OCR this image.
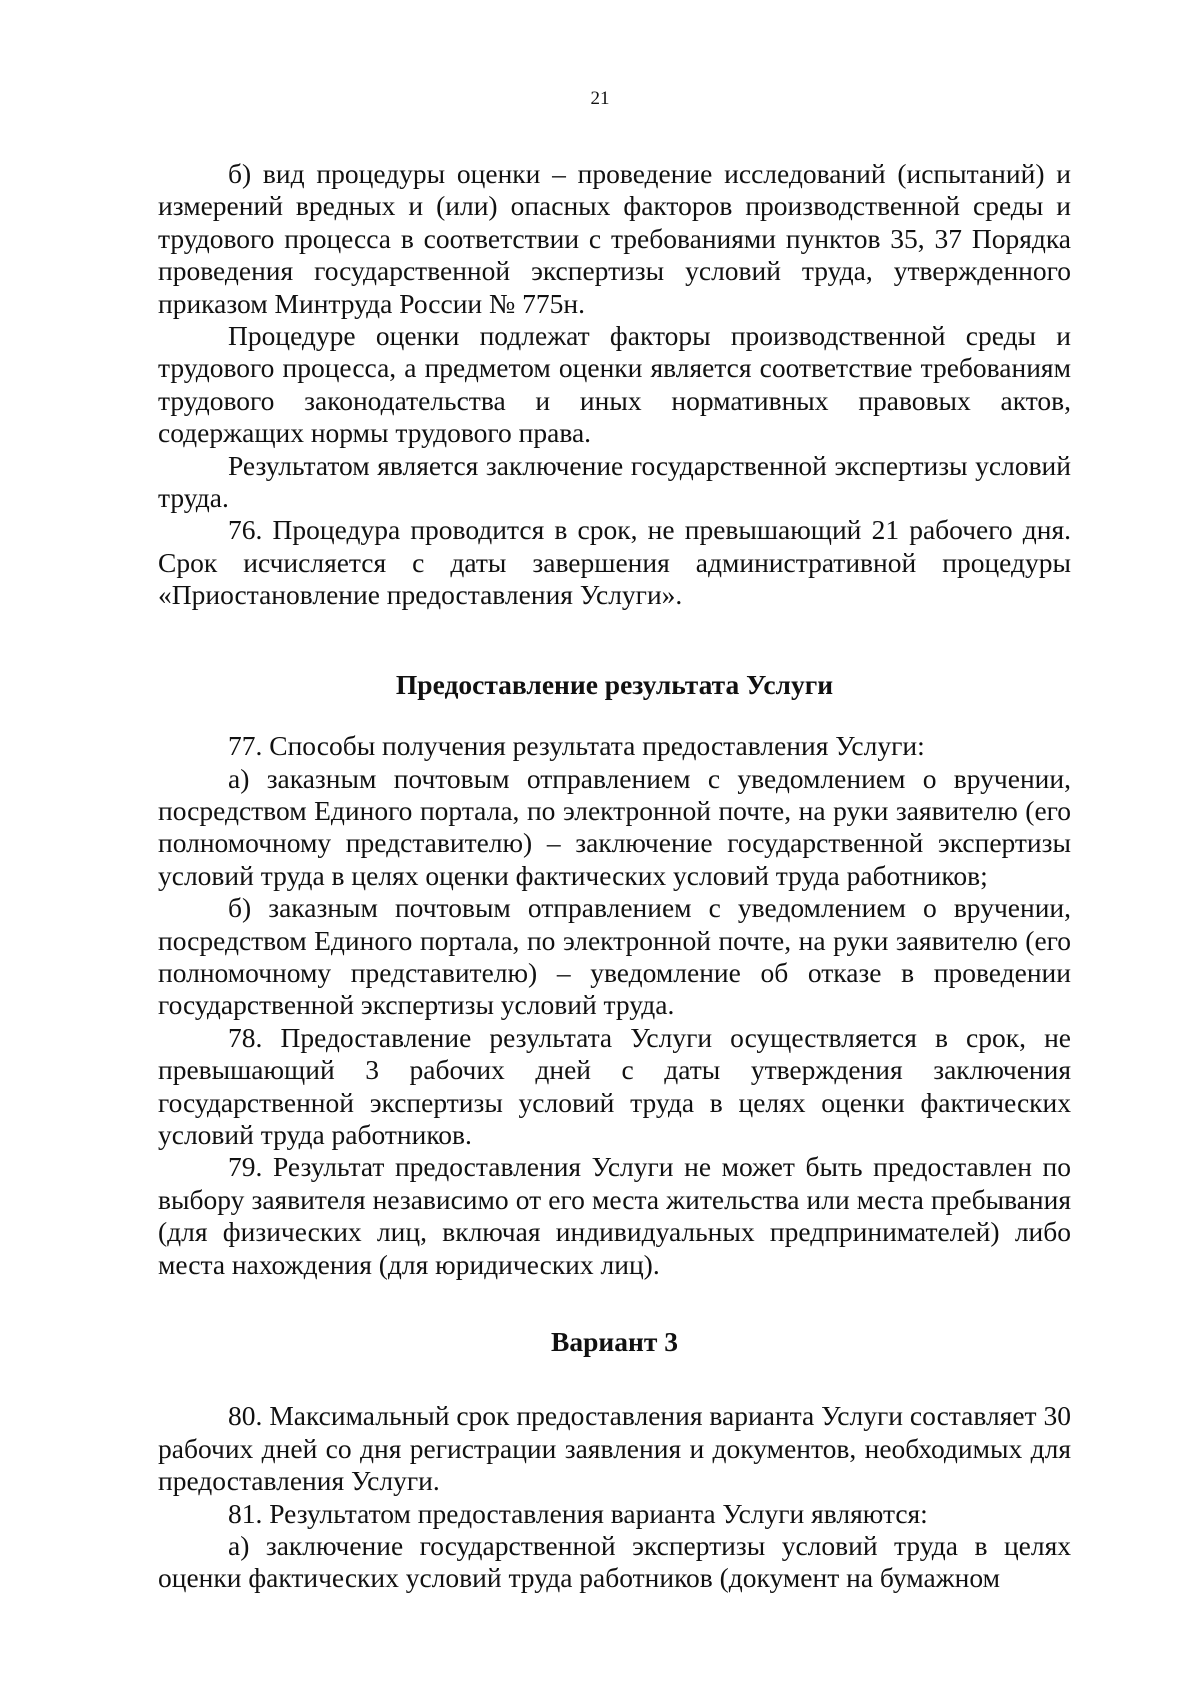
21

б) вид процедуры оценки – проведение исследований (испытаний) и измерений вредных и (или) опасных факторов производственной среды и трудового процесса в соответствии с требованиями пунктов 35, 37 Порядка проведения государственной экспертизы условий труда, утвержденного приказом Минтруда России № 775н.

Процедуре оценки подлежат факторы производственной среды и трудового процесса, а предметом оценки является соответствие требованиям трудового законодательства и иных нормативных правовых актов, содержащих нормы трудового права.

Результатом является заключение государственной экспертизы условий труда.

76. Процедура проводится в срок, не превышающий 21 рабочего дня. Срок исчисляется с даты завершения административной процедуры «Приостановление предоставления Услуги».

Предоставление результата Услуги

77. Способы получения результата предоставления Услуги:

а) заказным почтовым отправлением с уведомлением о вручении, посредством Единого портала, по электронной почте, на руки заявителю (его полномочному представителю) – заключение государственной экспертизы условий труда в целях оценки фактических условий труда работников;

б) заказным почтовым отправлением с уведомлением о вручении, посредством Единого портала, по электронной почте, на руки заявителю (его полномочному представителю) – уведомление об отказе в проведении государственной экспертизы условий труда.

78. Предоставление результата Услуги осуществляется в срок, не превышающий 3 рабочих дней с даты утверждения заключения государственной экспертизы условий труда в целях оценки фактических условий труда работников.

79. Результат предоставления Услуги не может быть предоставлен по выбору заявителя независимо от его места жительства или места пребывания (для физических лиц, включая индивидуальных предпринимателей) либо места нахождения (для юридических лиц).

Вариант 3

80. Максимальный срок предоставления варианта Услуги составляет 30 рабочих дней со дня регистрации заявления и документов, необходимых для предоставления Услуги.

81. Результатом предоставления варианта Услуги являются:

а) заключение государственной экспертизы условий труда в целях оценки фактических условий труда работников (документ на бумажном
